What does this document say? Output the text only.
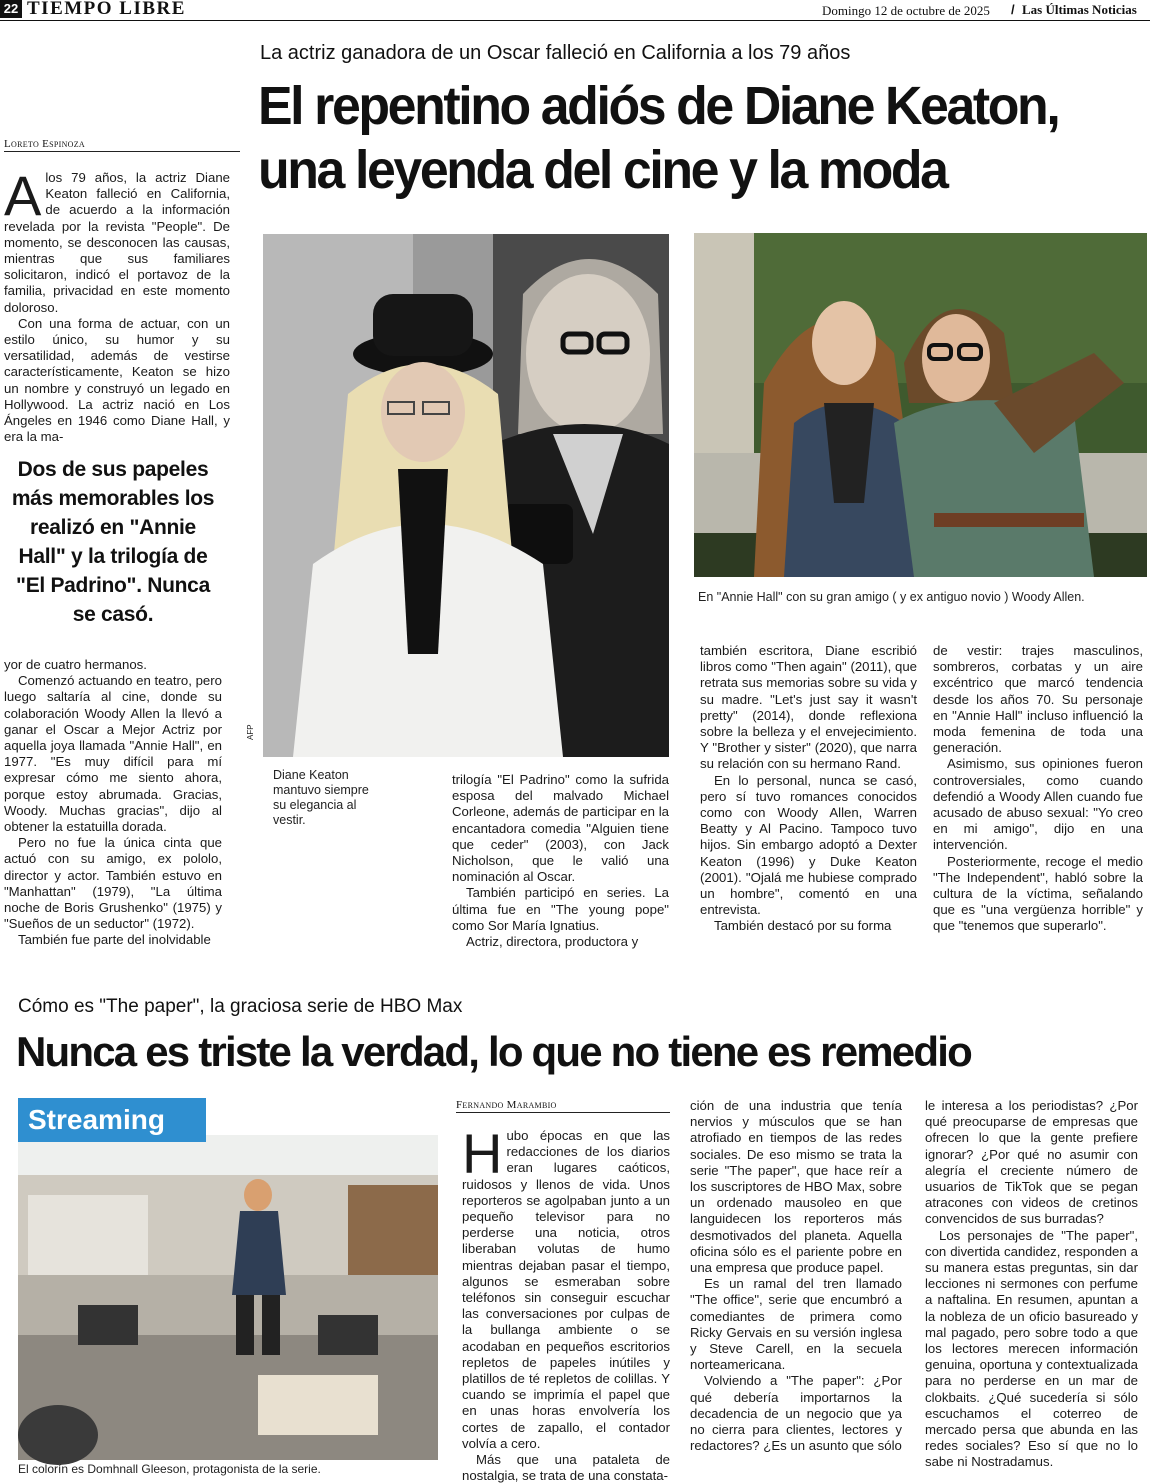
22 TIEMPO LIBRE	Domingo 12 de octubre de 2025 / Las Últimas Noticias
La actriz ganadora de un Oscar falleció en California a los 79 años
El repentino adiós de Diane Keaton,
una leyenda del cine y la moda
Loreto Espinoza
A los 79 años, la actriz Diane Keaton falleció en California, de acuerdo a la información revelada por la revista "People". De momento, se desconocen las causas, mientras que sus familiares solicitaron, indicó el portavoz de la familia, privacidad en este momento doloroso.

Con una forma de actuar, con un estilo único, su humor y su versatilidad, además de vestirse característicamente, Keaton se hizo un nombre y construyó un legado en Hollywood. La actriz nació en Los Ángeles en 1946 como Diane Hall, y era la ma-

Dos de sus papeles más memorables los realizó en "Annie Hall" y la trilogía de "El Padrino". Nunca se casó.

yor de cuatro hermanos.

Comenzó actuando en teatro, pero luego saltaría al cine, donde su colaboración Woody Allen la llevó a ganar el Oscar a Mejor Actriz por aquella joya llamada "Annie Hall", en 1977. "Es muy difícil para mí expresar cómo me siento ahora, porque estoy abrumada. Gracias, Woody. Muchas gracias", dijo al obtener la estatuilla dorada.

Pero no fue la única cinta que actuó con su amigo, ex pololo, director y actor. También estuvo en "Manhattan" (1979), "La última noche de Boris Grushenko" (1975) y "Sueños de un seductor" (1972).

También fue parte del inolvidable

AFP
Diane Keaton mantuvo siempre su elegancia al vestir.
En "Annie Hall" con su gran amigo ( y ex antiguo novio ) Woody Allen.

trilogía "El Padrino" como la sufrida esposa del malvado Michael Corleone, además de participar en la encantadora comedia "Alguien tiene que ceder" (2003), con Jack Nicholson, que le valió una nominación al Oscar.

También participó en series. La última fue en "The young pope" como Sor María Ignatius.

Actriz, directora, productora y

también escritora, Diane escribió libros como "Then again" (2011), que retrata sus memorias sobre su vida y su madre. "Let's just say it wasn't pretty" (2014), donde reflexiona sobre la belleza y el envejecimiento. Y "Brother y sister" (2020), que narra su relación con su hermano Rand.

En lo personal, nunca se casó, pero sí tuvo romances conocidos como con Woody Allen, Warren Beatty y Al Pacino. Tampoco tuvo hijos. Sin embargo adoptó a Dexter Keaton (1996) y Duke Keaton (2001). "Ojalá me hubiese comprado un hombre", comentó en una entrevista.

También destacó por su forma

de vestir: trajes masculinos, sombreros, corbatas y un aire excéntrico que marcó tendencia desde los años 70. Su personaje en "Annie Hall" incluso influenció la moda femenina de toda una generación.

Asimismo, sus opiniones fueron controversiales, como cuando defendió a Woody Allen cuando fue acusado de abuso sexual: "Yo creo en mi amigo", dijo en una intervención.

Posteriormente, recoge el medio "The Independent", habló sobre la cultura de la víctima, señalando que es "una vergüenza horrible" y que "tenemos que superarlo".

Cómo es "The paper", la graciosa serie de HBO Max
Nunca es triste la verdad, lo que no tiene es remedio
Streaming
El colorín es Domhnall Gleeson, protagonista de la serie.
Fernando Marambio
H ubo épocas en que las redacciones de los diarios eran lugares caóticos, ruidosos y llenos de vida. Unos reporteros se agolpaban junto a un pequeño televisor para no perderse una noticia, otros liberaban volutas de humo mientras dejaban pasar el tiempo, algunos se esmeraban sobre teléfonos sin conseguir escuchar las conversaciones por culpas de la bullanga ambiente o se acodaban en pequeños escritorios repletos de papeles inútiles y platillos de té repletos de colillas. Y cuando se imprimía el papel que en unas horas envolvería los cortes de zapallo, el contador volvía a cero.

Más que una pataleta de nostalgia, se trata de una constata-

ción de una industria que tenía nervios y músculos que se han atrofiado en tiempos de las redes sociales. De eso mismo se trata la serie "The paper", que hace reír a los suscriptores de HBO Max, sobre un ordenado mausoleo en que languidecen los reporteros más desmotivados del planeta. Aquella oficina sólo es el pariente pobre en una empresa que produce papel.

Es un ramal del tren llamado "The office", serie que encumbró a comediantes de primera como Ricky Gervais en su versión inglesa y Steve Carell, en la secuela norteamericana.

Volviendo a "The paper": ¿Por qué debería importarnos la decadencia de un negocio que ya no cierra para clientes, lectores y redactores? ¿Es un asunto que sólo

le interesa a los periodistas? ¿Por qué preocuparse de empresas que ofrecen lo que la gente prefiere ignorar? ¿Por qué no asumir con alegría el creciente número de usuarios de TikTok que se pegan atracones con videos de cretinos convencidos de sus burradas?

Los personajes de "The paper", con divertida candidez, responden a su manera estas preguntas, sin dar lecciones ni sermones con perfume a naftalina. En resumen, apuntan a la nobleza de un oficio basureado y mal pagado, pero sobre todo a que los lectores merecen información genuina, oportuna y contextualizada para no perderse en un mar de clokbaits. ¿Qué sucedería si sólo escuchamos el coterreo de mercado persa que abunda en las redes sociales? Eso sí que no lo sabe ni Nostradamus.
